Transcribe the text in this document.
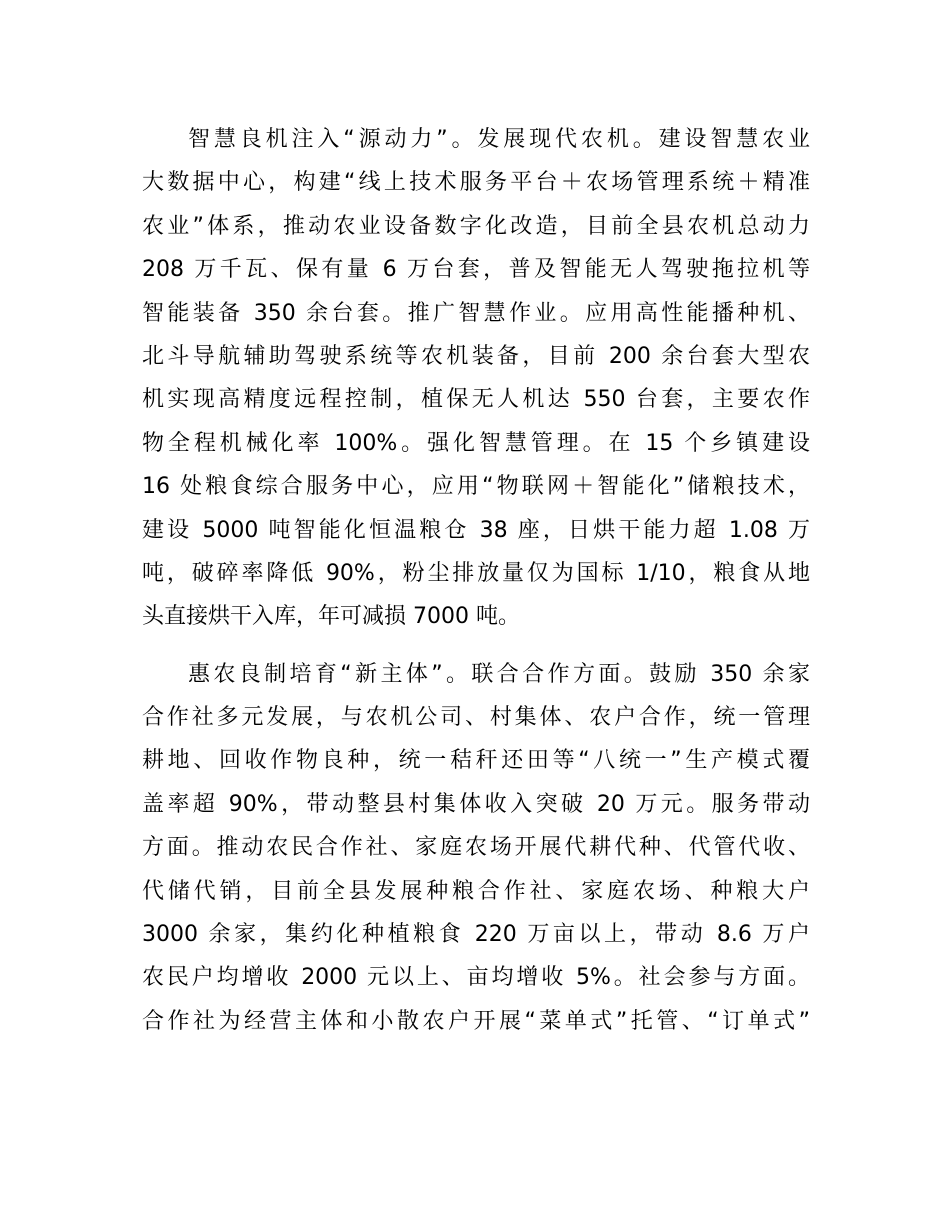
智慧良机注入“源动力”。发展现代农机。建设智慧农业
大数据中心，构建“线上技术服务平台＋农场管理系统＋精准
农业”体系，推动农业设备数字化改造，目前全县农机总动力
208 万千瓦、保有量 6 万台套，普及智能无人驾驶拖拉机等
智能装备 350 余台套。推广智慧作业。应用高性能播种机、
北斗导航辅助驾驶系统等农机装备，目前 200 余台套大型农
机实现高精度远程控制，植保无人机达 550 台套，主要农作
物全程机械化率 100%。强化智慧管理。在 15 个乡镇建设
16 处粮食综合服务中心，应用“物联网＋智能化”储粮技术，
建设 5000 吨智能化恒温粮仓 38 座，日烘干能力超 1.08 万
吨，破碎率降低 90%，粉尘排放量仅为国标 1/10，粮食从地
头直接烘干入库，年可减损 7000 吨。
惠农良制培育“新主体”。联合合作方面。鼓励 350 余家
合作社多元发展，与农机公司、村集体、农户合作，统一管理
耕地、回收作物良种，统一秸秆还田等“八统一”生产模式覆
盖率超 90%，带动整县村集体收入突破 20 万元。服务带动
方面。推动农民合作社、家庭农场开展代耕代种、代管代收、
代储代销，目前全县发展种粮合作社、家庭农场、种粮大户
3000 余家，集约化种植粮食 220 万亩以上，带动 8.6 万户
农民户均增收 2000 元以上、亩均增收 5%。社会参与方面。
合作社为经营主体和小散农户开展“菜单式”托管、“订单式”
